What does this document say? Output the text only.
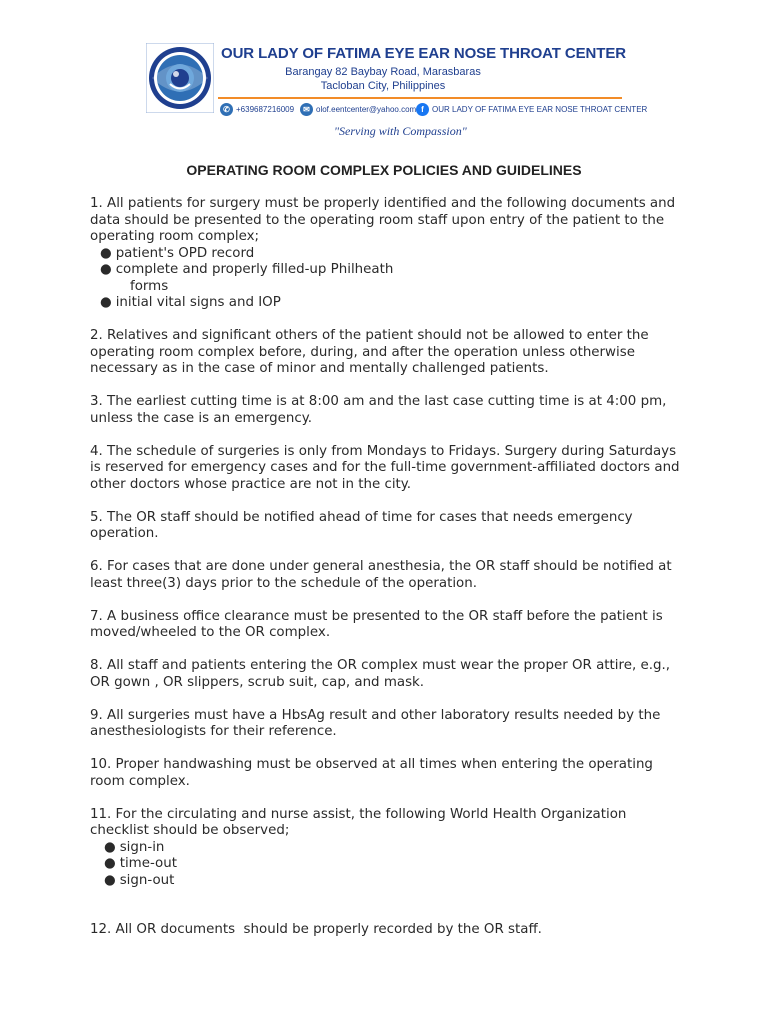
OUR LADY OF FATIMA EYE EAR NOSE THROAT CENTER
Barangay 82 Baybay Road, Marasbaras
Tacloban City, Philippines
✆ +639687216009	✉ olof.eentcenter@yahoo.com f	OUR LADY OF FATIMA EYE EAR NOSE THROAT CENTER
"Serving with Compassion"
OPERATING ROOM COMPLEX POLICIES AND GUIDELINES
1. All patients for surgery must be properly identified and the following documents and data should be presented to the operating room staff upon entry of the patient to the operating room complex;
● patient's OPD record
● complete and properly filled-up Philheath
forms
● initial vital signs and IOP
2. Relatives and significant others of the patient should not be allowed to enter the operating room complex before, during, and after the operation unless otherwise necessary as in the case of minor and mentally challenged patients.
3. The earliest cutting time is at 8:00 am and the last case cutting time is at 4:00 pm, unless the case is an emergency.
4. The schedule of surgeries is only from Mondays to Fridays. Surgery during Saturdays is reserved for emergency cases and for the full-time government-affiliated doctors and other doctors whose practice are not in the city.
5. The OR staff should be notified ahead of time for cases that needs emergency operation.
6. For cases that are done under general anesthesia, the OR staff should be notified at least three(3) days prior to the schedule of the operation.
7. A business office clearance must be presented to the OR staff before the patient is moved/wheeled to the OR complex.
8. All staff and patients entering the OR complex must wear the proper OR attire, e.g., OR gown , OR slippers, scrub suit, cap, and mask.
9. All surgeries must have a HbsAg result and other laboratory results needed by the anesthesiologists for their reference.
10. Proper handwashing must be observed at all times when entering the operating room complex.
11. For the circulating and nurse assist, the following World Health Organization checklist should be observed;
● sign-in
● time-out
● sign-out
12. All OR documents  should be properly recorded by the OR staff.
